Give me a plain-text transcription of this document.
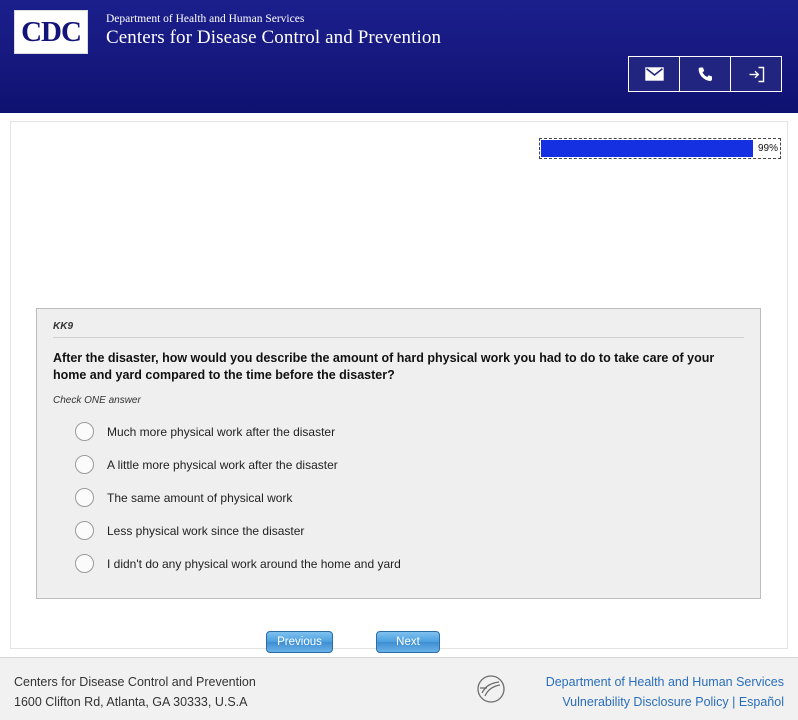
CDC Department of Health and Human Services
Centers for Disease Control and Prevention
99%
KK9

After the disaster, how would you describe the amount of hard physical work you had to do to take care of your home and yard compared to the time before the disaster?

Check ONE answer
Much more physical work after the disaster
A little more physical work after the disaster
The same amount of physical work
Less physical work since the disaster
I didn't do any physical work around the home and yard
Previous	Next
Centers for Disease Control and Prevention
1600 Clifton Rd, Atlanta, GA 30333, U.S.A
Department of Health and Human Services
Vulnerability Disclosure Policy | Español
